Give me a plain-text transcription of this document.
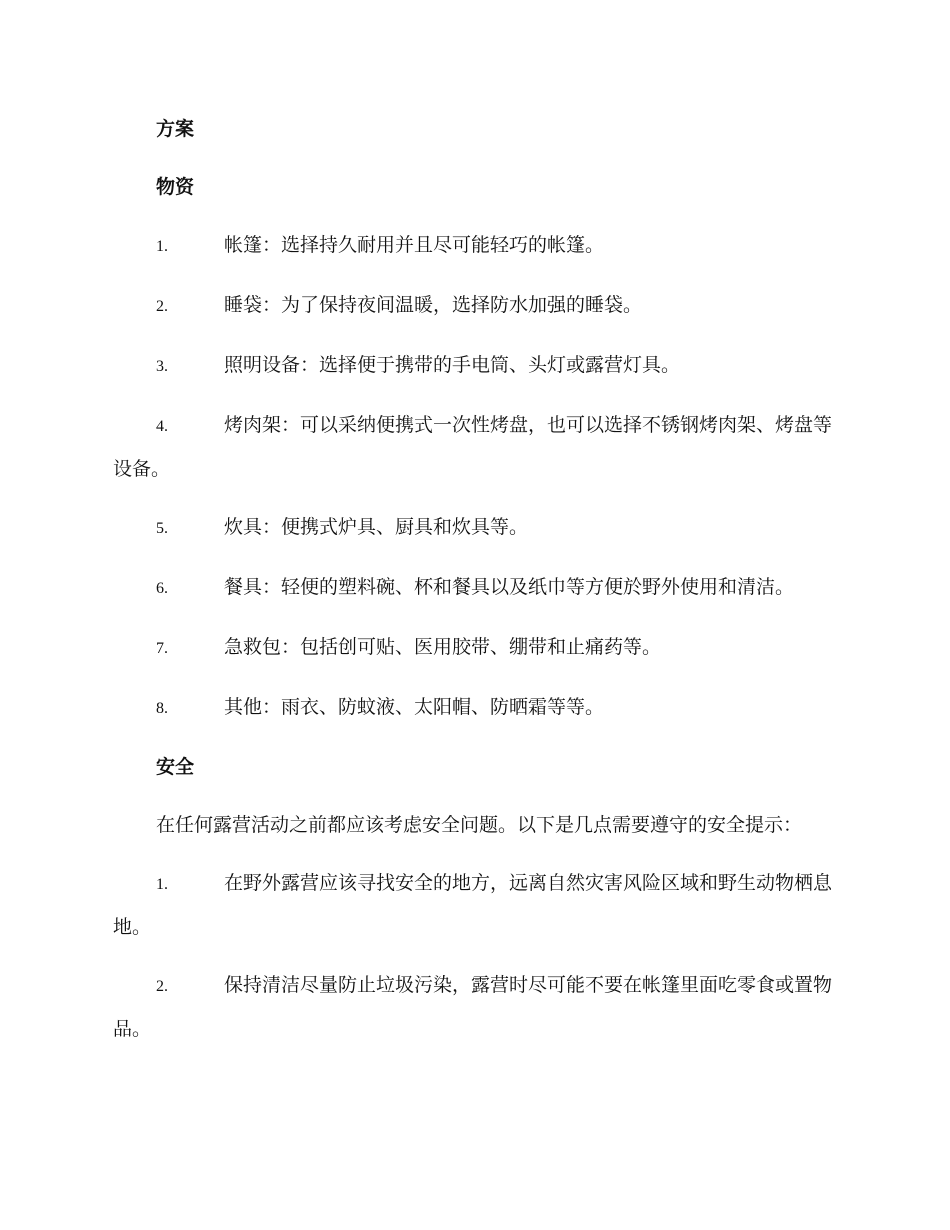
方案
物资

1.	帐篷：选择持久耐用并且尽可能轻巧的帐篷。

2.	睡袋：为了保持夜间温暖，选择防水加强的睡袋。

3.	照明设备：选择便于携带的手电筒、头灯或露营灯具。

4.	烤肉架：可以采纳便携式一次性烤盘，也可以选择不锈钢烤肉架、烤盘等设备。

5.	炊具：便携式炉具、厨具和炊具等。

6.	餐具：轻便的塑料碗、杯和餐具以及纸巾等方便於野外使用和清洁。

7.	急救包：包括创可贴、医用胶带、绷带和止痛药等。

8.	其他：雨衣、防蚊液、太阳帽、防晒霜等等。

安全

在任何露营活动之前都应该考虑安全问题。以下是几点需要遵守的安全提示：

1.	在野外露营应该寻找安全的地方，远离自然灾害风险区域和野生动物栖息地。

2.	保持清洁尽量防止垃圾污染，露营时尽可能不要在帐篷里面吃零食或置物品。
